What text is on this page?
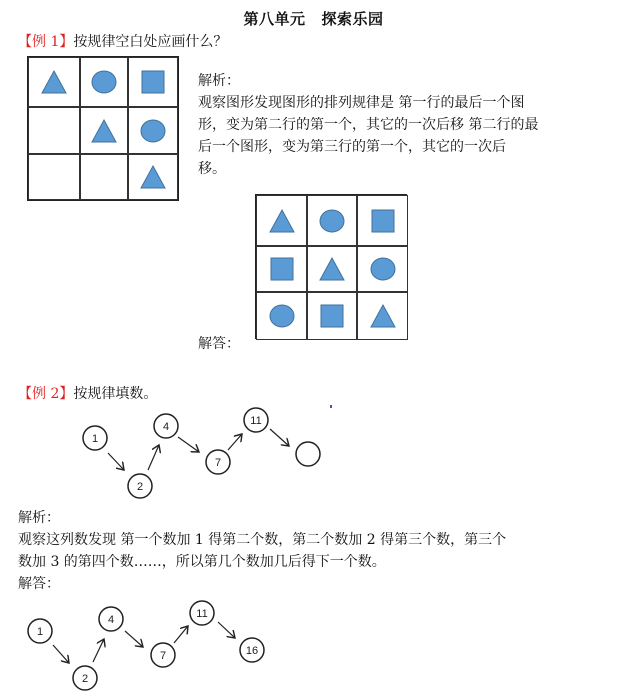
第八单元 探索乐园
【例 1】按规律空白处应画什么？
解析：
观察图形发现图形的排列规律是 第一行的最后一个图
形，变为第二行的第一个，其它的一次后移 第二行的最
后一个图形，变为第三行的第一个，其它的一次后
移。
解答：
【例 2】按规律填数。
1
2
4
7
11
解析：
观察这列数发现 第一个数加 1 得第二个数，第二个数加 2 得第三个数，第三个
数加 3 的第四个数……，所以第几个数加几后得下一个数。
解答：
1
2
4
7
11
16
